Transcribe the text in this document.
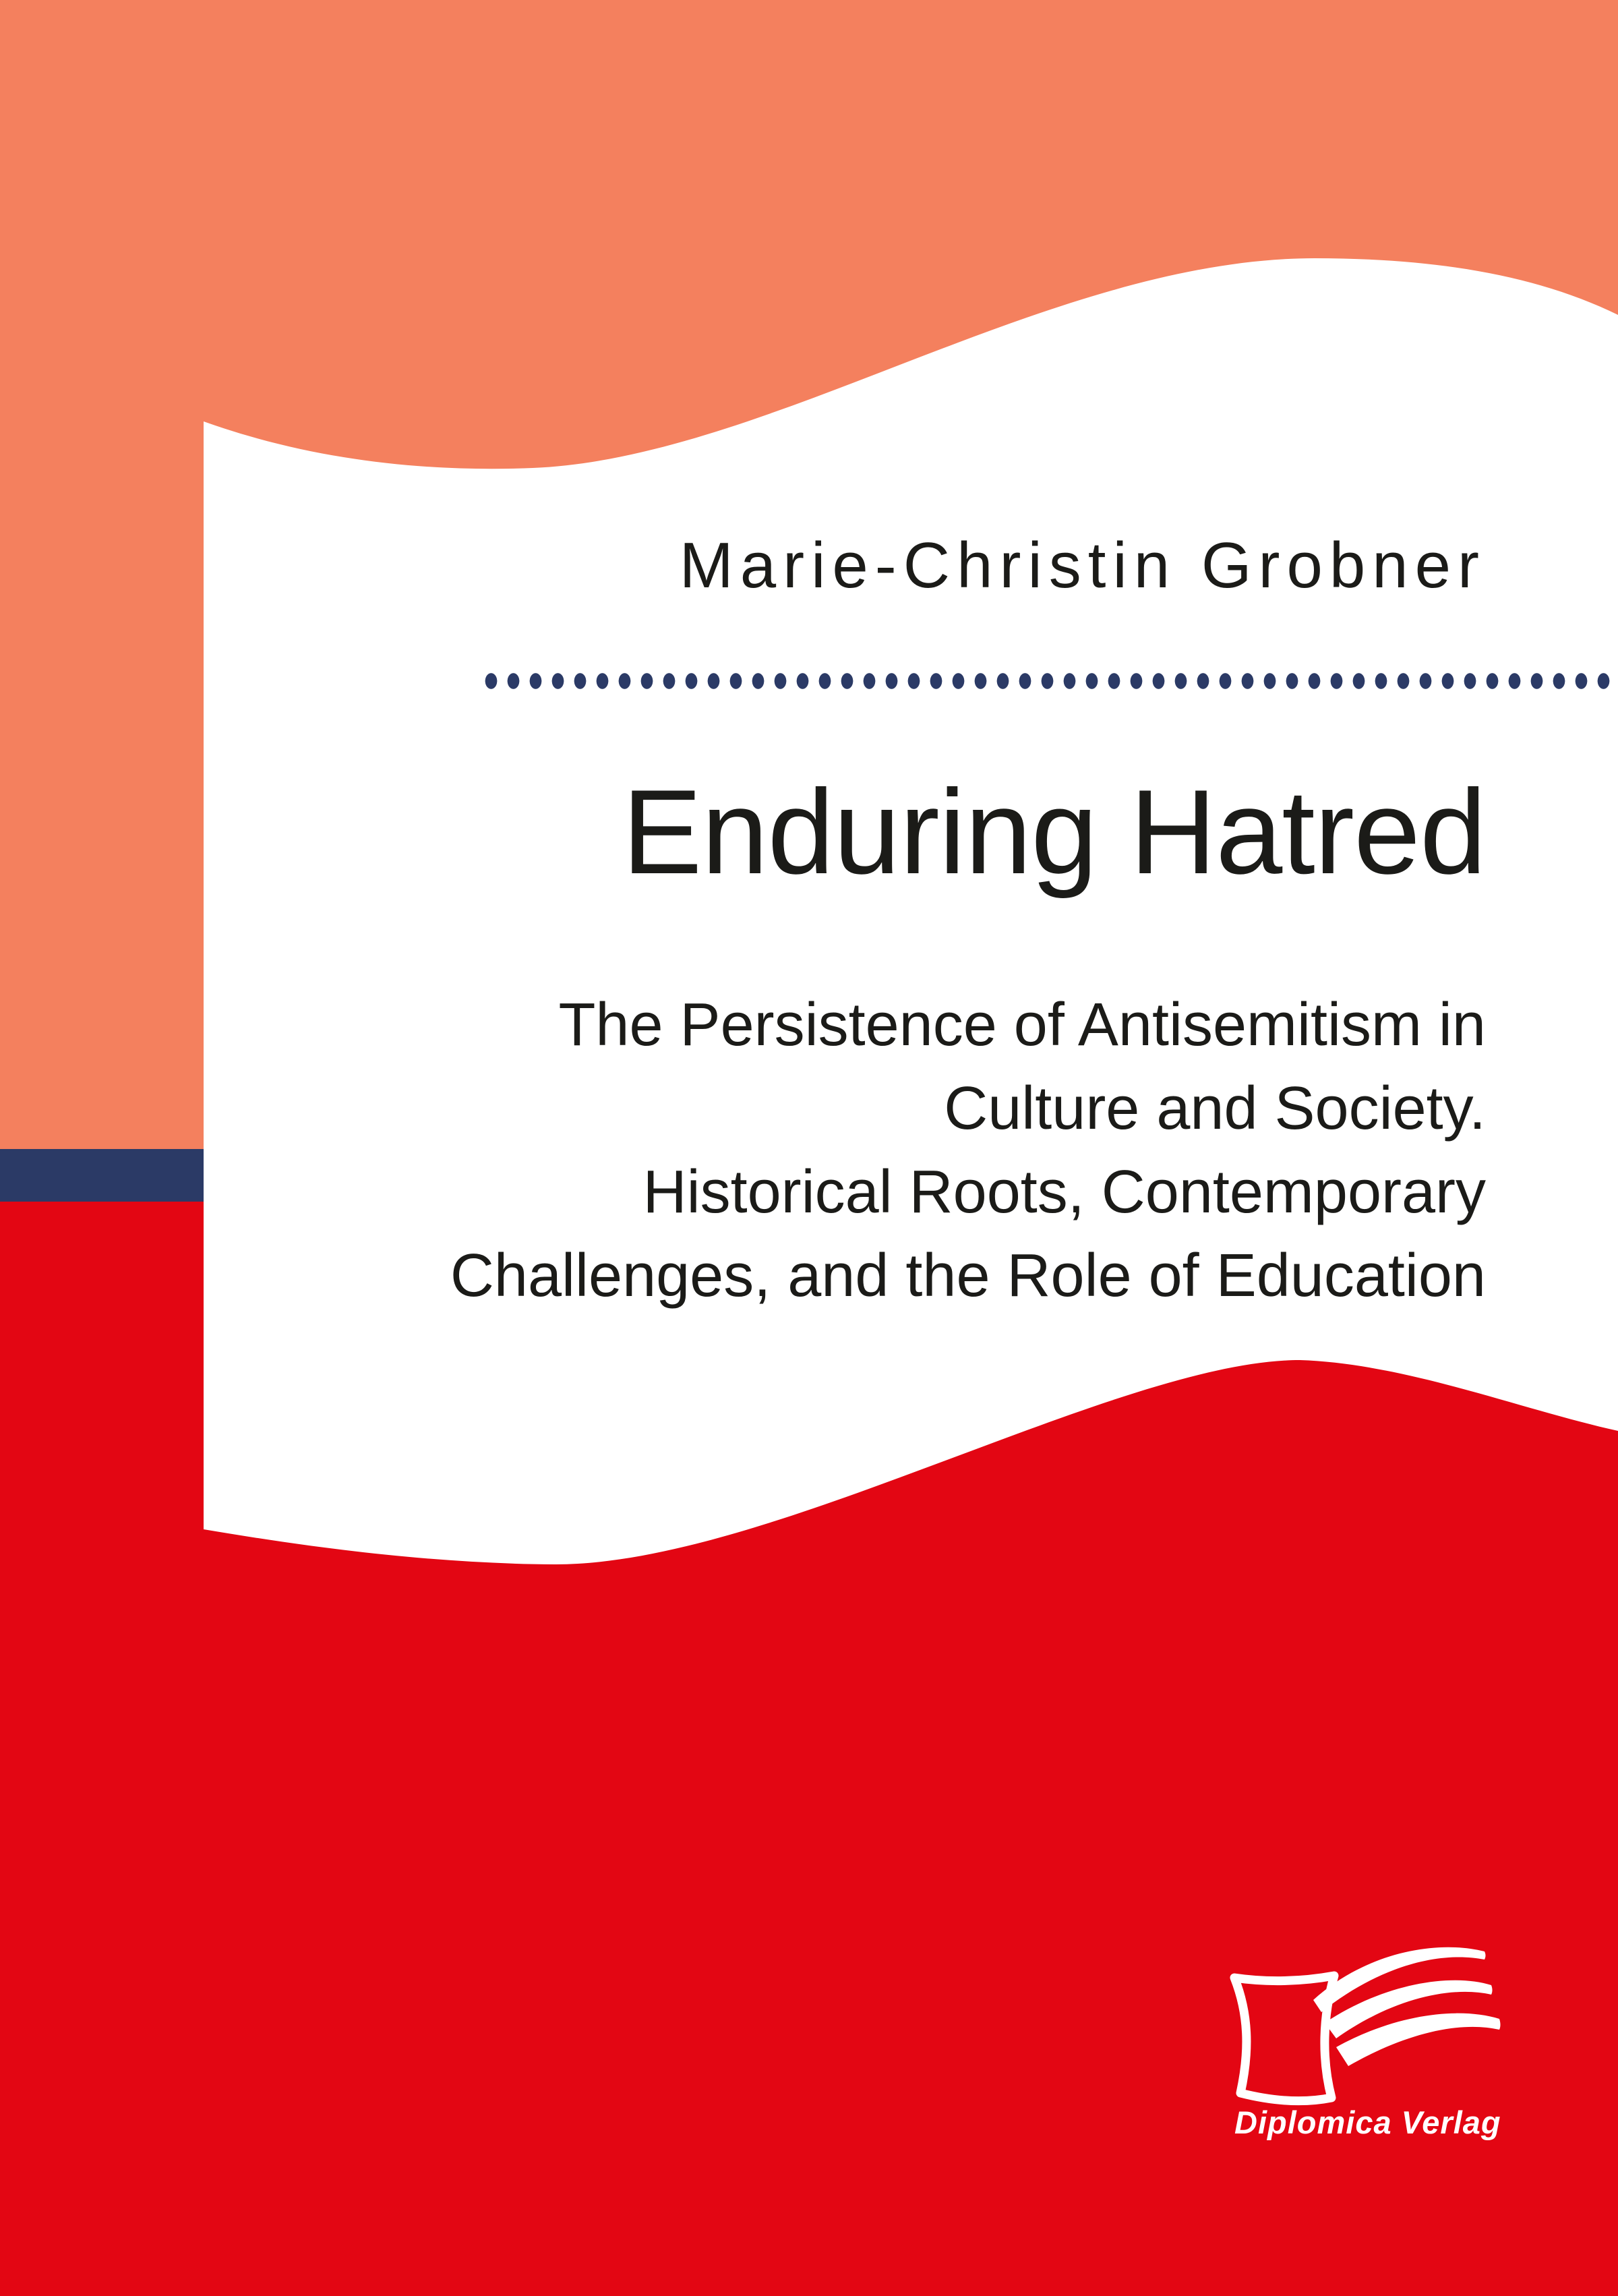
Marie-Christin Grobner
Enduring Hatred
The Persistence of Antisemitism in
Culture and Society.
Historical Roots, Contemporary
Challenges, and the Role of Education
Diplomica Verlag
